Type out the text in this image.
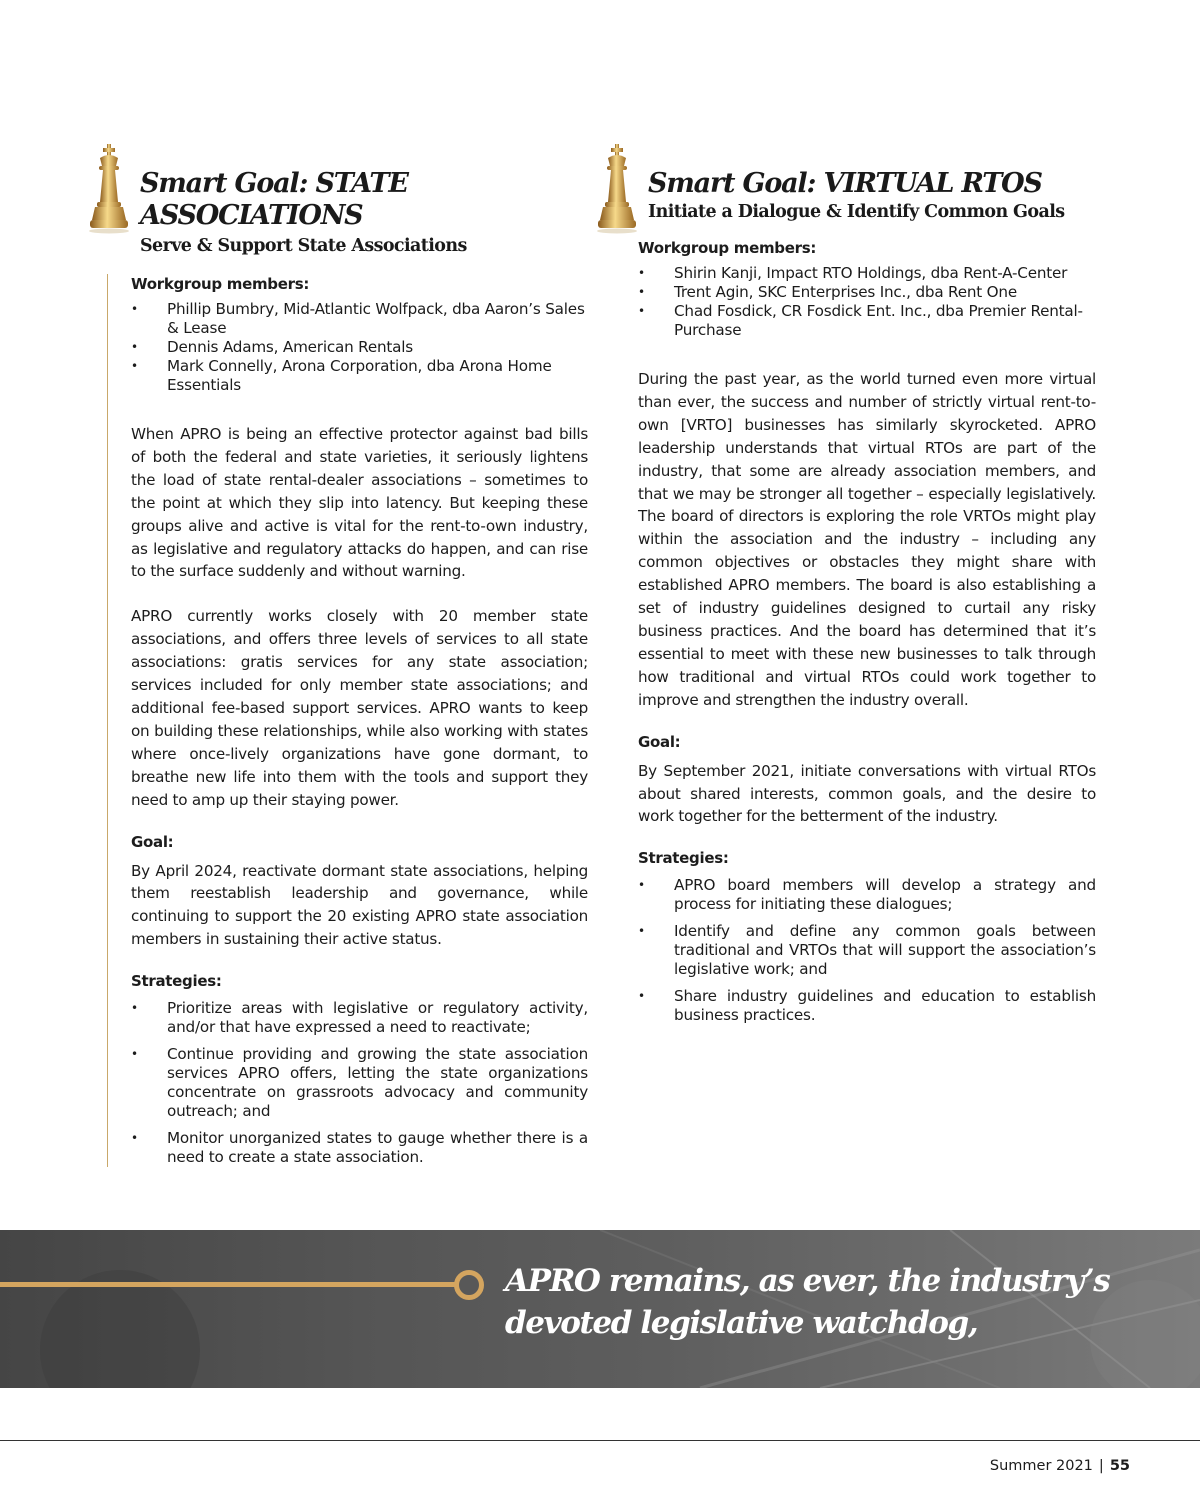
Smart Goal: STATE ASSOCIATIONS
Serve & Support State Associations
Workgroup members:
• Phillip Bumbry, Mid-Atlantic Wolfpack, dba Aaron’s Sales & Lease
• Dennis Adams, American Rentals
• Mark Connelly, Arona Corporation, dba Arona Home Essentials

When APRO is being an effective protector against bad bills of both the federal and state varieties, it seriously lightens the load of state rental-dealer associations – sometimes to the point at which they slip into latency. But keeping these groups alive and active is vital for the rent-to-own industry, as legislative and regulatory attacks do happen, and can rise to the surface suddenly and without warning.

APRO currently works closely with 20 member state associations, and offers three levels of services to all state associations: gratis services for any state association; services included for only member state associations; and additional fee-based support services. APRO wants to keep on building these relationships, while also working with states where once-lively organizations have gone dormant, to breathe new life into them with the tools and support they need to amp up their staying power.

Goal:

By April 2024, reactivate dormant state associations, helping them reestablish leadership and governance, while continuing to support the 20 existing APRO state association members in sustaining their active status.

Strategies:
• Prioritize areas with legislative or regulatory activity, and/or that have expressed a need to reactivate;
• Continue providing and growing the state association services APRO offers, letting the state organizations concentrate on grassroots advocacy and community outreach; and
• Monitor unorganized states to gauge whether there is a need to create a state association.
Smart Goal: VIRTUAL RTOS
Initiate a Dialogue & Identify Common Goals
Workgroup members:
• Shirin Kanji, Impact RTO Holdings, dba Rent-A-Center
• Trent Agin, SKC Enterprises Inc., dba Rent One
• Chad Fosdick, CR Fosdick Ent. Inc., dba Premier Rental-Purchase

During the past year, as the world turned even more virtual than ever, the success and number of strictly virtual rent-to-own [VRTO] businesses has similarly skyrocketed. APRO leadership understands that virtual RTOs are part of the industry, that some are already association members, and that we may be stronger all together – especially legislatively. The board of directors is exploring the role VRTOs might play within the association and the industry – including any common objectives or obstacles they might share with established APRO members. The board is also establishing a set of industry guidelines designed to curtail any risky business practices. And the board has determined that it’s essential to meet with these new businesses to talk through how traditional and virtual RTOs could work together to improve and strengthen the industry overall.

Goal:

By September 2021, initiate conversations with virtual RTOs about shared interests, common goals, and the desire to work together for the betterment of the industry.

Strategies:
• APRO board members will develop a strategy and process for initiating these dialogues;
• Identify and define any common goals between traditional and VRTOs that will support the association’s legislative work; and
• Share industry guidelines and education to establish business practices.
APRO remains, as ever, the industry’s devoted legislative watchdog,
Summer 2021 | 55
